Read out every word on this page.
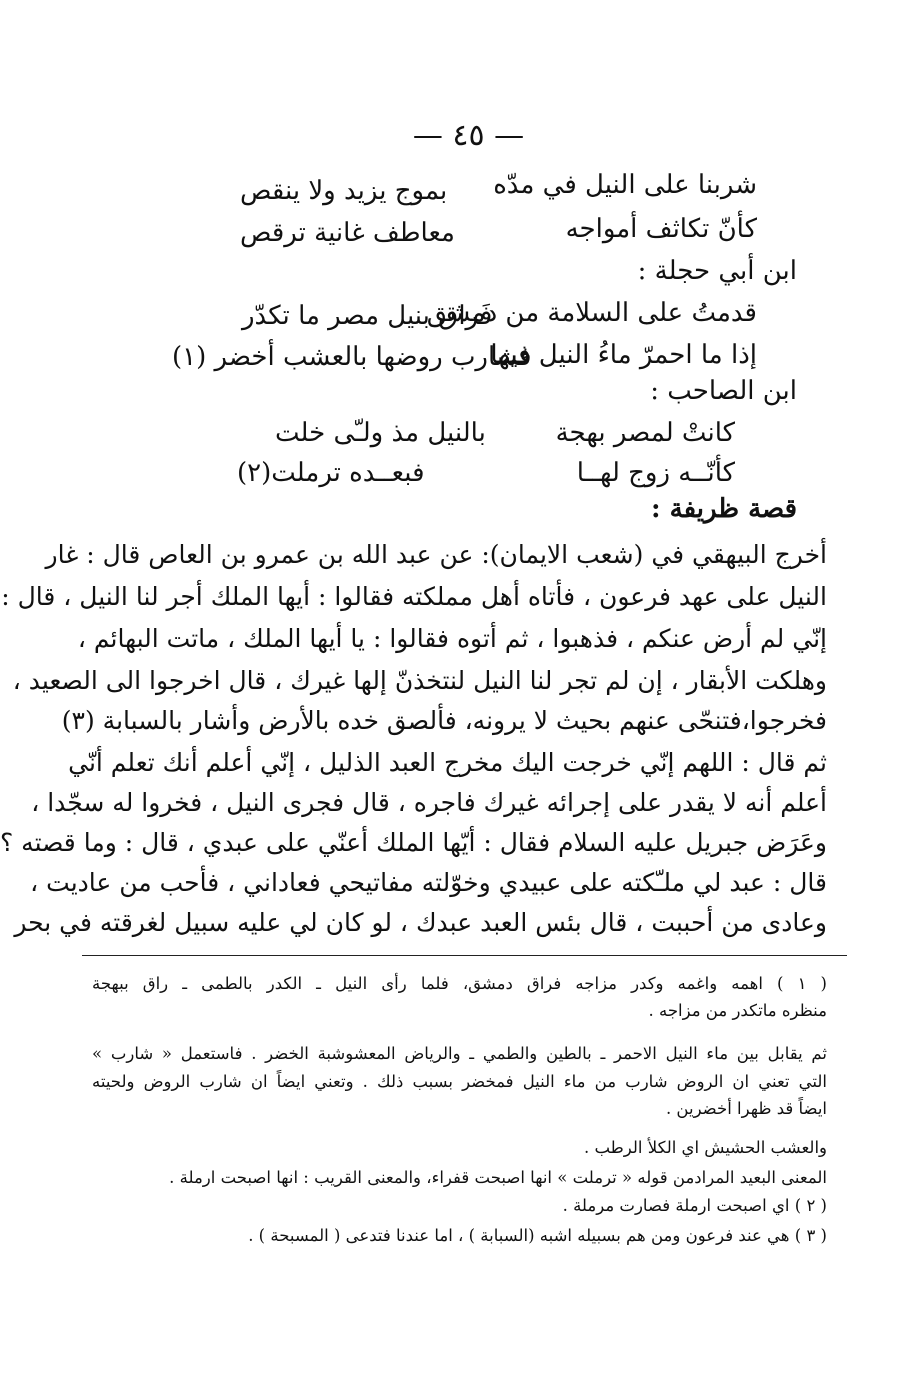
— ٤٥ —
شربنا على النيل في مدّه
بموج يزيد ولا ينقص
كأنّ تكاثف أمواجه
معاطف غانية ترقص
ابن أبي حجلة :
قدمتُ على السلامة من دمشق
فَراق بنيل مصر ما تكدّر
إذا ما احمرّ ماءُ النيل فيها
فشارب روضها بالعشب أخضر (١)
ابن الصاحب :
كانتْ لمصر بهجة
بالنيل مذ ولـّى خلت
كأنّــه زوج لهــا
فبعــده ترملت(٢)
قصة ظريفة :
أخرج البيهقي في (شعب الايمان): عن عبد الله بن عمرو بن العاص قال : غار
النيل على عهد فرعون ، فأتاه أهل مملكته فقالوا : أيها الملك أجر لنا النيل ، قال :
إنّي لم أرض عنكم ، فذهبوا ، ثم أتوه فقالوا : يا أيها الملك ، ماتت البهائم ،
وهلكت الأبقار ، إن لم تجر لنا النيل لنتخذنّ إلها غيرك ، قال اخرجوا الى الصعيد ،
فخرجوا،فتنحّى عنهم بحيث لا يرونه، فألصق خده بالأرض وأشار بالسبابة (٣)
ثم قال : اللهم إنّي خرجت اليك مخرج العبد الذليل ، إنّي أعلم أنك تعلم أنّي
أعلم أنه لا يقدر على إجرائه غيرك فاجره ، قال فجرى النيل ، فخروا له سجّدا ،
وعَرَض جبريل عليه السلام فقال : أيّها الملك أعنّي على عبدي ، قال : وما قصته ؟
قال : عبد لي ملـّكته على عبيدي وخوّلته مفاتيحي فعاداني ، فأحب من عاديت ،
وعادى من أحببت ، قال بئس العبد عبدك ، لو كان لي عليه سبيل لغرقته في بحر
( ١ ) اهمه واغمه وكدر مزاجه فراق دمشق، فلما رأى النيل ـ الكدر بالطمى ـ راق ببهجة
منظره ماتكدر من مزاجه .
ثم يقابل بين ماء النيل الاحمر ـ بالطين والطمي ـ والرياض المعشوشبة الخضر . فاستعمل « شارب »
التي تعني ان الروض شارب من ماء النيل فمخضر بسبب ذلك . وتعني ايضاً ان شارب الروض ولحيته
ايضاً قد ظهرا أخضرين .
والعشب الحشيش اي الكلأ الرطب .
المعنى البعيد المرادمن قوله « ترملت » انها اصبحت قفراء، والمعنى القريب : انها اصبحت ارملة .
( ٢ ) اي اصبحت ارملة فصارت مرملة .
( ٣ ) هي عند فرعون ومن هم بسبيله اشبه (السبابة ) ، اما عندنا فتدعى ( المسبحة ) .
